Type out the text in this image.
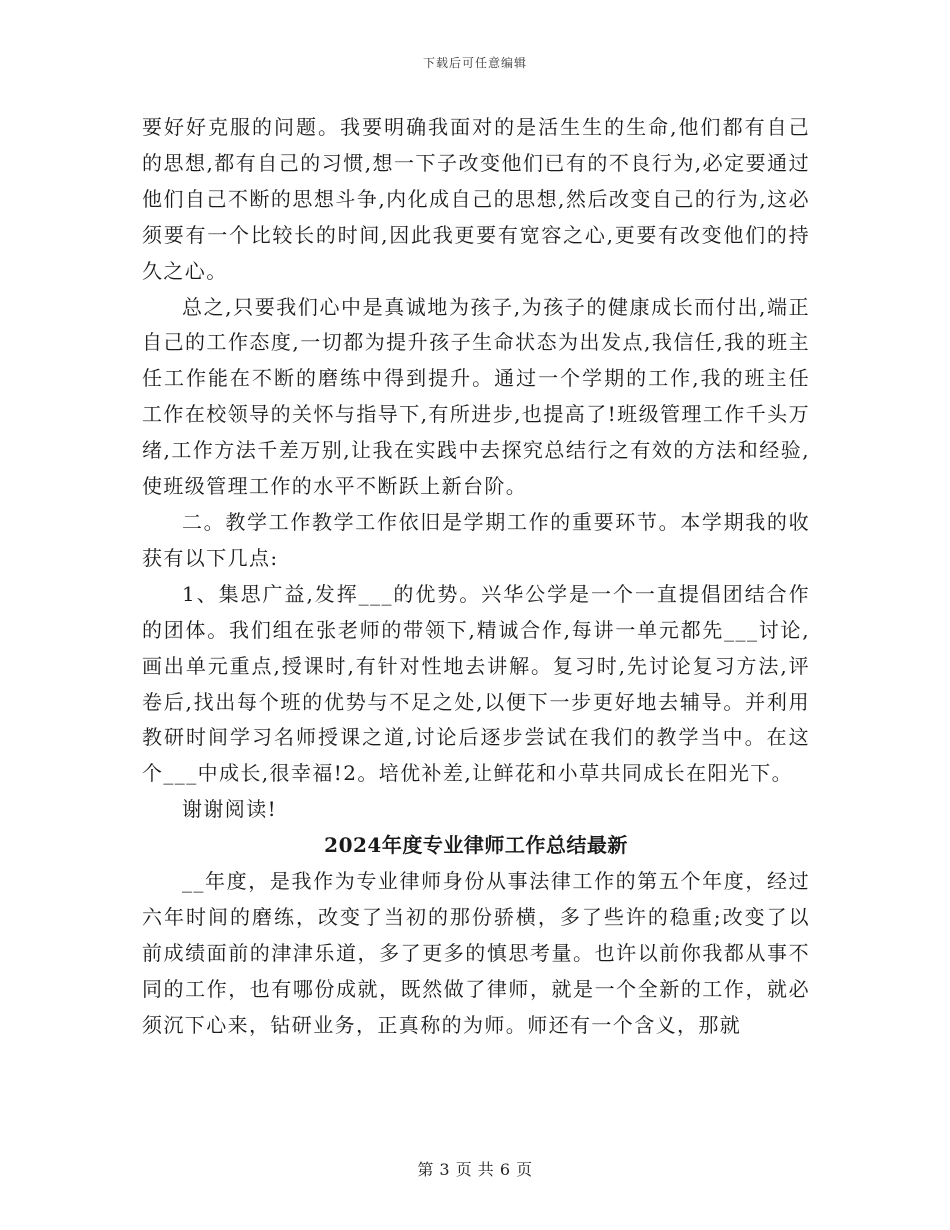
下载后可任意编辑

要好好克服的问题。我要明确我面对的是活生生的生命,他们都有自己的思想,都有自己的习惯,想一下子改变他们已有的不良行为,必定要通过他们自己不断的思想斗争,内化成自己的思想,然后改变自己的行为,这必须要有一个比较长的时间,因此我更要有宽容之心,更要有改变他们的持久之心。

总之,只要我们心中是真诚地为孩子,为孩子的健康成长而付出,端正自己的工作态度,一切都为提升孩子生命状态为出发点,我信任,我的班主任工作能在不断的磨练中得到提升。通过一个学期的工作,我的班主任工作在校领导的关怀与指导下,有所进步,也提高了!班级管理工作千头万绪,工作方法千差万别,让我在实践中去探究总结行之有效的方法和经验,使班级管理工作的水平不断跃上新台阶。

二。教学工作教学工作依旧是学期工作的重要环节。本学期我的收获有以下几点:

1、集思广益,发挥___的优势。兴华公学是一个一直提倡团结合作的团体。我们组在张老师的带领下,精诚合作,每讲一单元都先___讨论,画出单元重点,授课时,有针对性地去讲解。复习时,先讨论复习方法,评卷后,找出每个班的优势与不足之处,以便下一步更好地去辅导。并利用教研时间学习名师授课之道,讨论后逐步尝试在我们的教学当中。在这个___中成长,很幸福!2。培优补差,让鲜花和小草共同成长在阳光下。

谢谢阅读!

2024年度专业律师工作总结最新

__年度，是我作为专业律师身份从事法律工作的第五个年度，经过六年时间的磨练，改变了当初的那份骄横，多了些许的稳重;改变了以前成绩面前的津津乐道，多了更多的慎思考量。也许以前你我都从事不同的工作，也有哪份成就，既然做了律师，就是一个全新的工作，就必须沉下心来，钻研业务，正真称的为师。师还有一个含义，那就

第 3 页 共 6 页
